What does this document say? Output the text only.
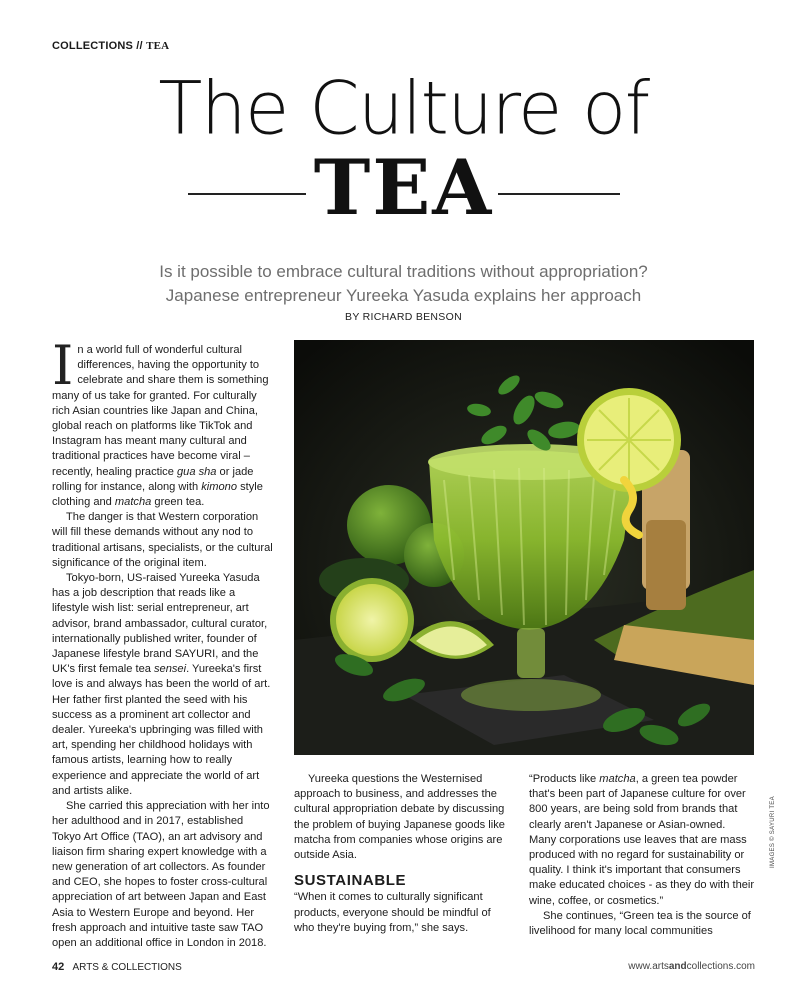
COLLECTIONS // TEA
The Culture of
TEA
Is it possible to embrace cultural traditions without appropriation?
Japanese entrepreneur Yureeka Yasuda explains her approach
BY RICHARD BENSON

In a world full of wonderful cultural differences, having the opportunity to celebrate and share them is something many of us take for granted. For culturally rich Asian countries like Japan and China, global reach on platforms like TikTok and Instagram has meant many cultural and traditional practices have become viral – recently, healing practice gua sha or jade rolling for instance, along with kimono style clothing and matcha green tea.

The danger is that Western corporation will fill these demands without any nod to traditional artisans, specialists, or the cultural significance of the original item.

Tokyo-born, US-raised Yureeka Yasuda has a job description that reads like a lifestyle wish list: serial entrepreneur, art advisor, brand ambassador, cultural curator, internationally published writer, founder of Japanese lifestyle brand SAYURI, and the UK's first female tea sensei. Yureeka's first love is and always has been the world of art. Her father first planted the seed with his success as a prominent art collector and dealer. Yureeka's upbringing was filled with art, spending her childhood holidays with famous artists, learning how to really experience and appreciate the world of art and artists alike.

She carried this appreciation with her into her adulthood and in 2017, established Tokyo Art Office (TAO), an art advisory and liaison firm sharing expert knowledge with a new generation of art collectors. As founder and CEO, she hopes to foster cross-cultural appreciation of art between Japan and East Asia to Western Europe and beyond. Her fresh approach and intuitive taste saw TAO open an additional office in London in 2018.

Yureeka questions the Westernised approach to business, and addresses the cultural appropriation debate by discussing the problem of buying Japanese goods like matcha from companies whose origins are outside Asia.

SUSTAINABLE

“When it comes to culturally significant products, everyone should be mindful of who they're buying from,” she says.

“Products like matcha, a green tea powder that's been part of Japanese culture for over 800 years, are being sold from brands that clearly aren't Japanese or Asian-owned. Many corporations use leaves that are mass produced with no regard for sustainability or quality. I think it's important that consumers make educated choices - as they do with their wine, coffee, or cosmetics.”

She continues, “Green tea is the source of livelihood for many local communities

IMAGES © SAYURI TEA
42 ARTS & COLLECTIONS	www.artsandcollections.com
